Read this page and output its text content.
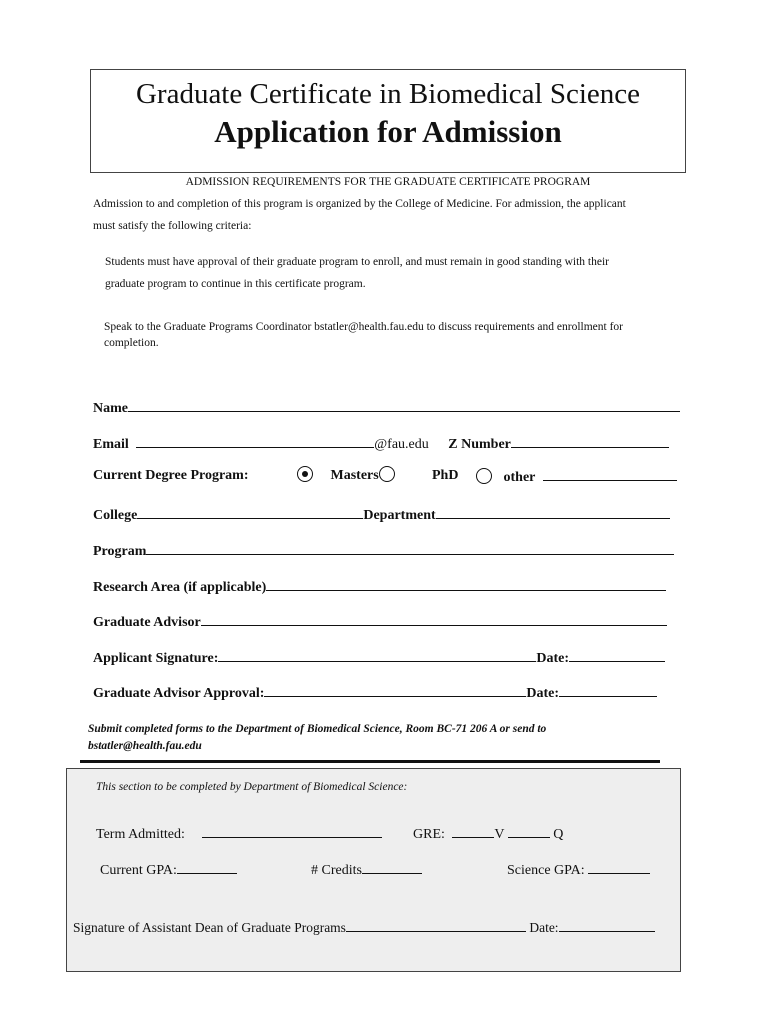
Graduate Certificate in Biomedical Science
Application for Admission
ADMISSION REQUIREMENTS FOR THE GRADUATE CERTIFICATE PROGRAM
Admission to and completion of this program is organized by the College of Medicine. For admission, the applicant
must satisfy the following criteria:
Students must have approval of their graduate program to enroll, and must remain in good standing with their
graduate program to continue in this certificate program.
Speak to the Graduate Programs Coordinator bstatler@health.fau.edu to discuss requirements and enrollment for
completion.
Name
Email	@fau.edu Z Number
Current Degree Program:	Masters	PhD	other
College	Department
Program
Research Area (if applicable)
Graduate Advisor
Applicant Signature:	Date:
Graduate Advisor Approval:	Date:
Submit completed forms to the Department of Biomedical Science, Room BC-71 206 A or send to
bstatler@health.fau.edu
This section to be completed by Department of Biomedical Science:
Term Admitted:	GRE:	V	Q
Current GPA:	# Credits	Science GPA:
Signature of Assistant Dean of Graduate Programs	Date:
